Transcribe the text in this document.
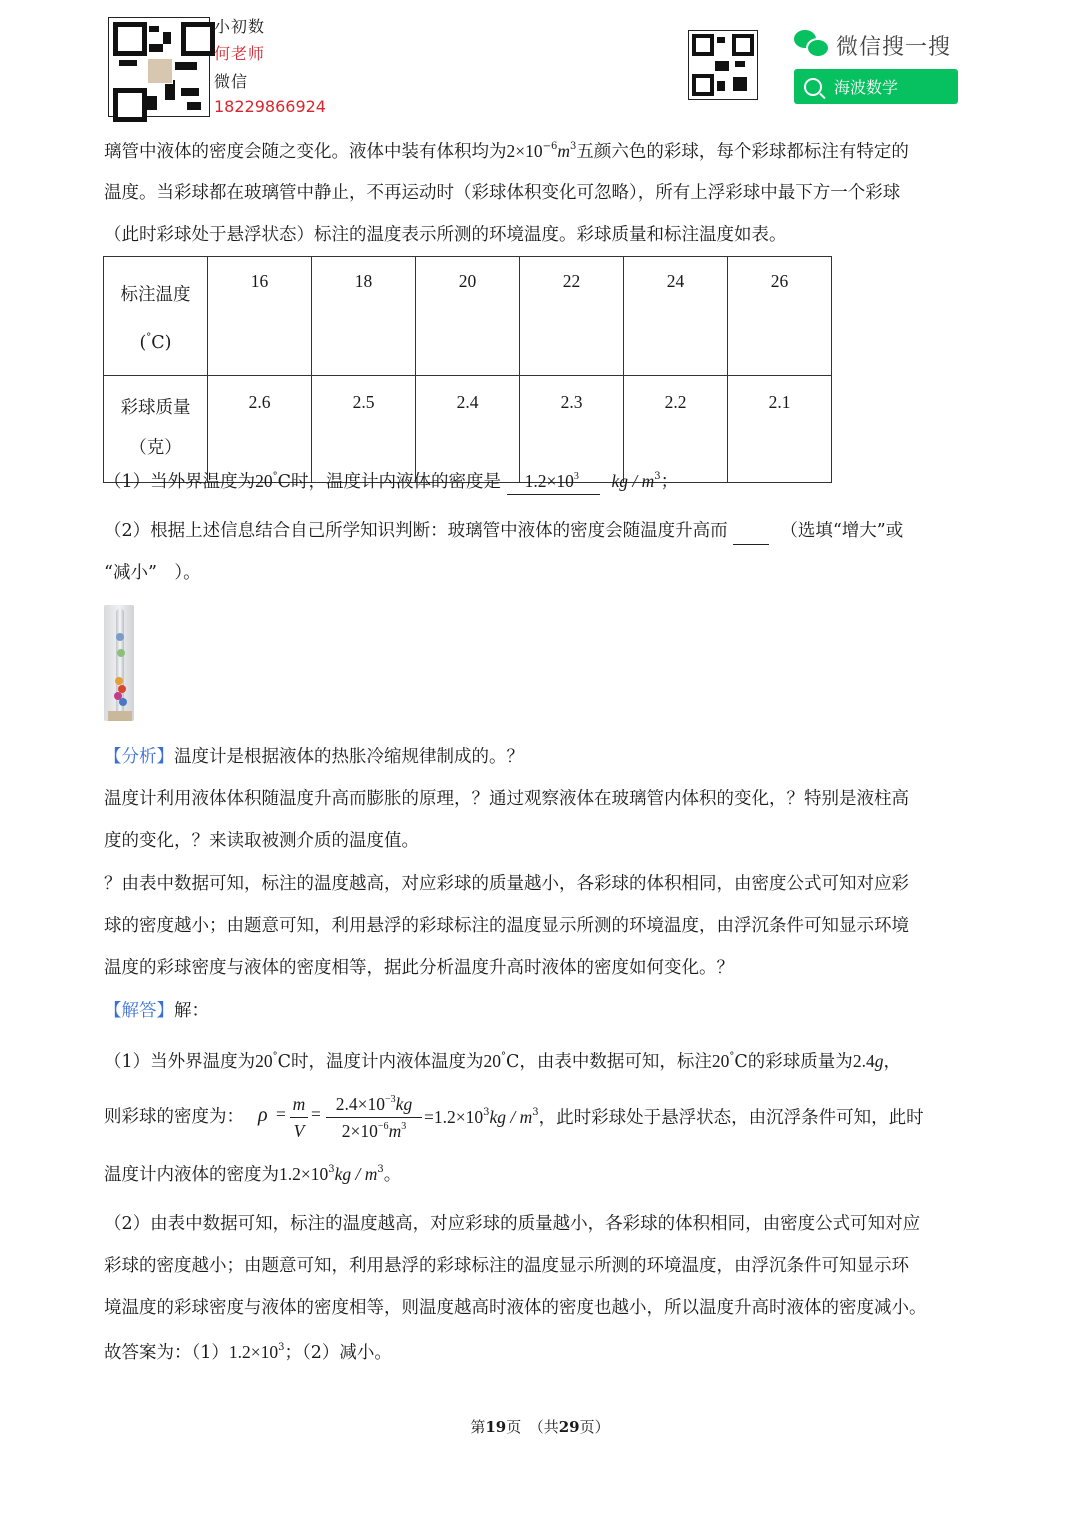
小初数
何老师
微信
18229866924
微信搜一搜
海波数学
璃管中液体的密度会随之变化。液体中装有体积均为$2\times 10^{-6}m^3$五颜六色的彩球，每个彩球都标注有特定的
温度。当彩球都在玻璃管中静止，不再运动时（彩球体积变化可忽略），所有上浮彩球中最下方一个彩球
（此时彩球处于悬浮状态）标注的温度表示所测的环境温度。彩球质量和标注温度如表。
标注温度
(°C)	16	18	20	22	24	26
彩球质量
（克）	2.6	2.5	2.4	2.3	2.2	2.1
（1）当外界温度为20°C时，温度计内液体的密度是 $1.2\times 10^3$ kg / $m^3$；
（2）根据上述信息结合自己所学知识判断：玻璃管中液体的密度会随温度升高而	（选填“增大”或
“减小”　）。
【分析】温度计是根据液体的热胀冷缩规律制成的。？
温度计利用液体体积随温度升高而膨胀的原理，？通过观察液体在玻璃管内体积的变化，？特别是液柱高
度的变化，？来读取被测介质的温度值。
？由表中数据可知，标注的温度越高，对应彩球的质量越小，各彩球的体积相同，由密度公式可知对应彩
球的密度越小；由题意可知，利用悬浮的彩球标注的温度显示所测的环境温度，由浮沉条件可知显示环境
温度的彩球密度与液体的密度相等，据此分析温度升高时液体的密度如何变化。？
【解答】解：
（1）当外界温度为20°C时，温度计内液体温度为20°C，由表中数据可知，标注20°C的彩球质量为2.4g，
则彩球的密度为： ρ = m
V
= $2.4\times 10^{-3}kg$
$2\times 10^{-6}m^3$	$=1.2\times 10^3kg / m^3$，此时彩球处于悬浮状态，由沉浮条件可知，此时
温度计内液体的密度为$1.2\times 10^3kg / m^3$。
（2）由表中数据可知，标注的温度越高，对应彩球的质量越小，各彩球的体积相同，由密度公式可知对应
彩球的密度越小；由题意可知，利用悬浮的彩球标注的温度显示所测的环境温度，由浮沉条件可知显示环
境温度的彩球密度与液体的密度相等，则温度越高时液体的密度也越小，所以温度升高时液体的密度减小。
故答案为：$(1)1.2\times 10^3$；（2）减小。
第19页　（共29页）
